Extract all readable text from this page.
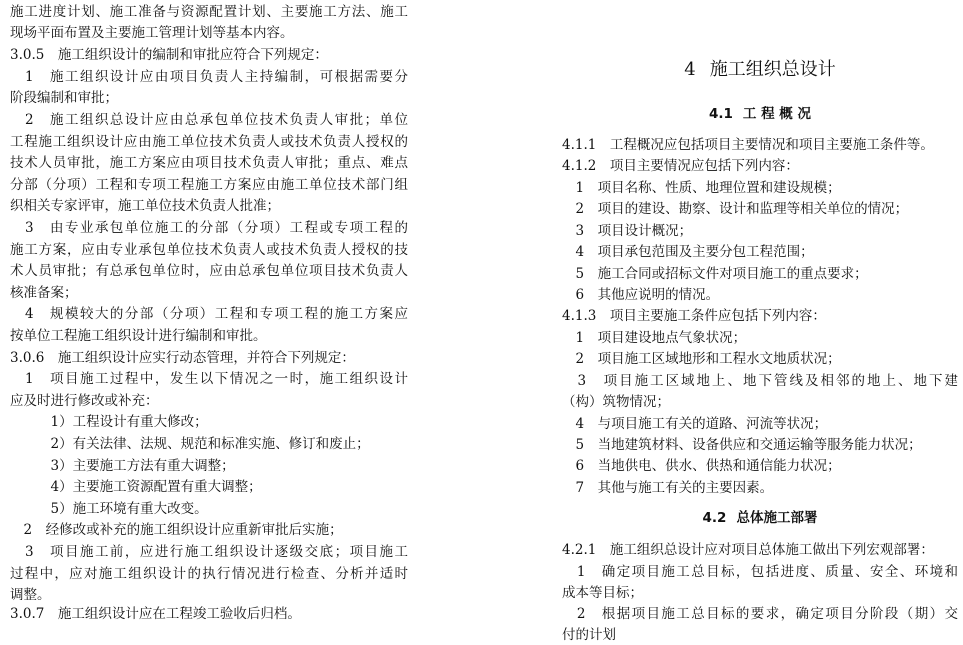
施工进度计划、施工准备与资源配置计划、主要施工方法、施工
现场平面布置及主要施工管理计划等基本内容。
3.0.5　施工组织设计的编制和审批应符合下列规定：
　1　施工组织设计应由项目负责人主持编制，可根据需要分
阶段编制和审批；
　2　施工组织总设计应由总承包单位技术负责人审批；单位
工程施工组织设计应由施工单位技术负责人或技术负责人授权的
技术人员审批，施工方案应由项目技术负责人审批；重点、难点
分部（分项）工程和专项工程施工方案应由施工单位技术部门组
织相关专家评审，施工单位技术负责人批准；
　3　由专业承包单位施工的分部（分项）工程或专项工程的
施工方案，应由专业承包单位技术负责人或技术负责人授权的技
术人员审批；有总承包单位时，应由总承包单位项目技术负责人
核准备案；
　4　规模较大的分部（分项）工程和专项工程的施工方案应
按单位工程施工组织设计进行编制和审批。
3.0.6　施工组织设计应实行动态管理，并符合下列规定：
　1　项目施工过程中，发生以下情况之一时，施工组织设计
应及时进行修改或补充：
　　　1）工程设计有重大修改；
　　　2）有关法律、法规、规范和标准实施、修订和废止；
　　　3）主要施工方法有重大调整；
　　　4）主要施工资源配置有重大调整；
　　　5）施工环境有重大改变。
　2　经修改或补充的施工组织设计应重新审批后实施；
　3　项目施工前，应进行施工组织设计逐级交底；项目施工
过程中，应对施工组织设计的执行情况进行检查、分析并适时
调整。
3.0.7　施工组织设计应在工程竣工验收后归档。
4 施工组织总设计
4.1 工 程 概 况
4.1.1　工程概况应包括项目主要情况和项目主要施工条件等。
4.1.2　项目主要情况应包括下列内容：
　1　项目名称、性质、地理位置和建设规模；
　2　项目的建设、勘察、设计和监理等相关单位的情况；
　3　项目设计概况；
　4　项目承包范围及主要分包工程范围；
　5　施工合同或招标文件对项目施工的重点要求；
　6　其他应说明的情况。
4.1.3　项目主要施工条件应包括下列内容：
　1　项目建设地点气象状况；
　2　项目施工区域地形和工程水文地质状况；
　3　项目施工区域地上、地下管线及相邻的地上、地下建
（构）筑物情况；
　4　与项目施工有关的道路、河流等状况；
　5　当地建筑材料、设备供应和交通运输等服务能力状况；
　6　当地供电、供水、供热和通信能力状况；
　7　其他与施工有关的主要因素。
4.2 总体施工部署
4.2.1　施工组织总设计应对项目总体施工做出下列宏观部署：
　1　确定项目施工总目标，包括进度、质量、安全、环境和
成本等目标；
　2　根据项目施工总目标的要求，确定项目分阶段（期）交
付的计划
